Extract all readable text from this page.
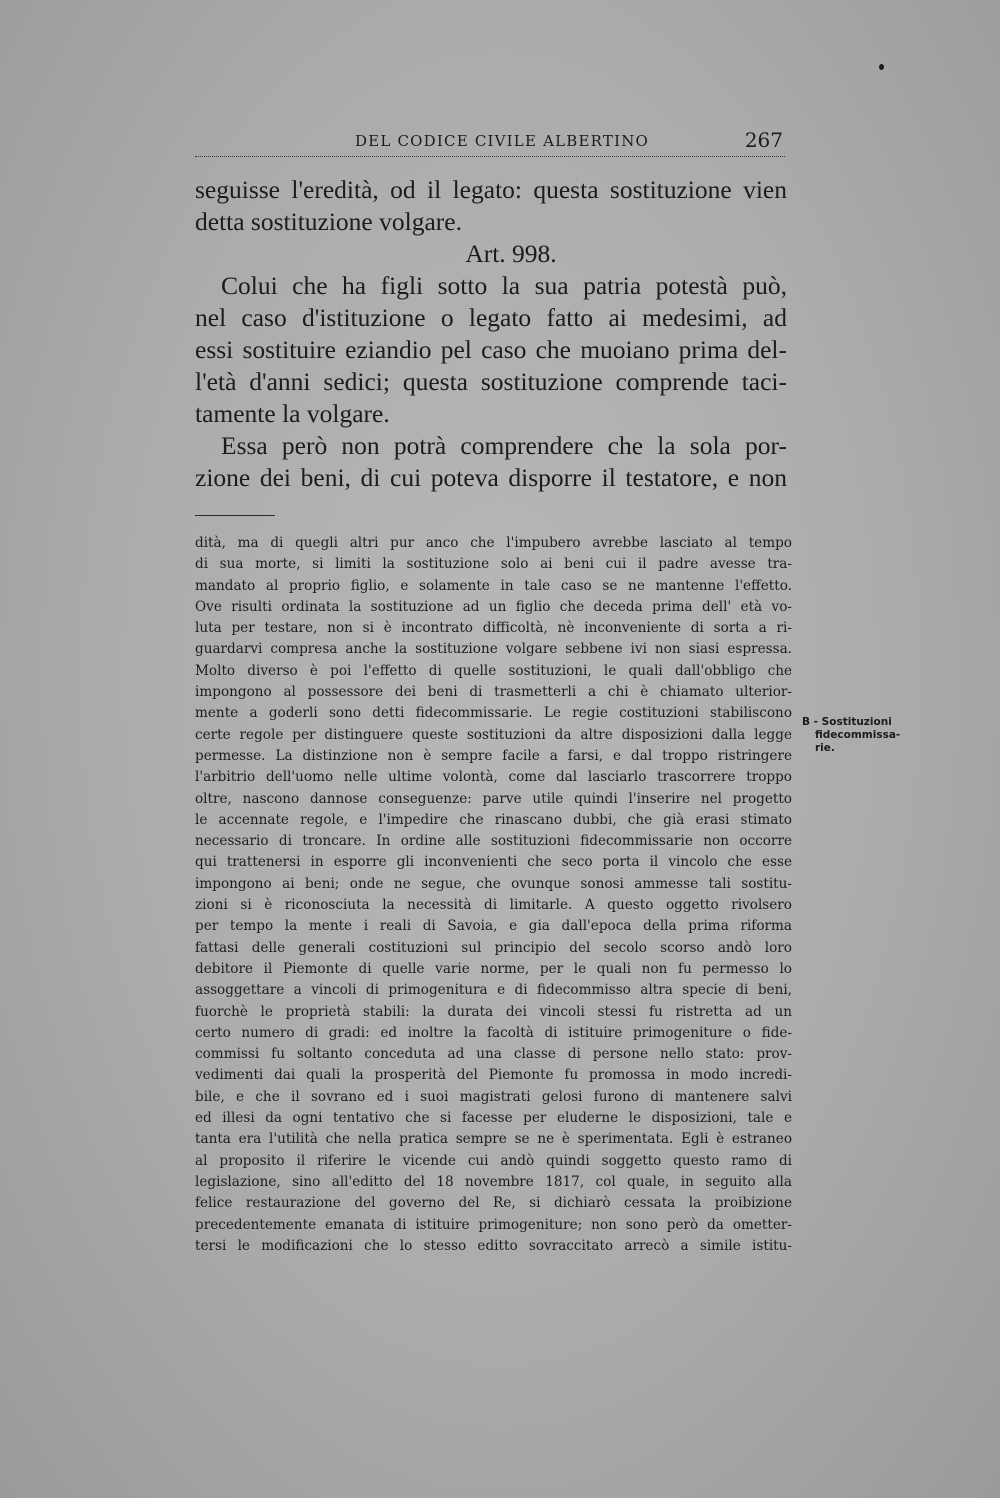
DEL CODICE CIVILE ALBERTINO	267

seguisse l'eredità, od il legato: questa sostituzione vien

detta sostituzione volgare.

Art. 998.

Colui che ha figli sotto la sua patria potestà può,

nel caso d'istituzione o legato fatto ai medesimi, ad

essi sostituire eziandio pel caso che muoiano prima del-

l'età d'anni sedici; questa sostituzione comprende taci-

tamente la volgare.

Essa però non potrà comprendere che la sola por-

zione dei beni, di cui poteva disporre il testatore, e non

dità, ma di quegli altri pur anco che l'impubero avrebbe lasciato al tempo
di sua morte, si limiti la sostituzione solo ai beni cui il padre avesse tra-
mandato al proprio figlio, e solamente in tale caso se ne mantenne l'effetto.
Ove risulti ordinata la sostituzione ad un figlio che deceda prima dell' età vo-
luta per testare, non si è incontrato difficoltà, nè inconveniente di sorta a ri-
guardarvi compresa anche la sostituzione volgare sebbene ivi non siasi espressa.
Molto diverso è poi l'effetto di quelle sostituzioni, le quali dall'obbligo che
impongono al possessore dei beni di trasmetterli a chi è chiamato ulterior-
mente a goderli sono detti fidecommissarie. Le regie costituzioni stabiliscono
certe regole per distinguere queste sostituzioni da altre disposizioni dalla legge
permesse. La distinzione non è sempre facile a farsi, e dal troppo ristringere
l'arbitrio dell'uomo nelle ultime volontà, come dal lasciarlo trascorrere troppo
oltre, nascono dannose conseguenze: parve utile quindi l'inserire nel progetto
le accennate regole, e l'impedire che rinascano dubbi, che già erasi stimato
necessario di troncare. In ordine alle sostituzioni fidecommissarie non occorre
qui trattenersi in esporre gli inconvenienti che seco porta il vincolo che esse
impongono ai beni; onde ne segue, che ovunque sonosi ammesse tali sostitu-
zioni si è riconosciuta la necessità di limitarle. A questo oggetto rivolsero
per tempo la mente i reali di Savoia, e gia dall'epoca della prima riforma
fattasi delle generali costituzioni sul principio del secolo scorso andò loro
debitore il Piemonte di quelle varie norme, per le quali non fu permesso lo
assoggettare a vincoli di primogenitura e di fidecommisso altra specie di beni,
fuorchè le proprietà stabili: la durata dei vincoli stessi fu ristretta ad un
certo numero di gradi: ed inoltre la facoltà di istituire primogeniture o fide-
commissi fu soltanto conceduta ad una classe di persone nello stato: prov-
vedimenti dai quali la prosperità del Piemonte fu promossa in modo incredi-
bile, e che il sovrano ed i suoi magistrati gelosi furono di mantenere salvi
ed illesi da ogni tentativo che si facesse per eluderne le disposizioni, tale e
tanta era l'utilità che nella pratica sempre se ne è sperimentata. Egli è estraneo
al proposito il riferire le vicende cui andò quindi soggetto questo ramo di
legislazione, sino all'editto del 18 novembre 1817, col quale, in seguito alla
felice restaurazione del governo del Re, si dichiarò cessata la proibizione
precedentemente emanata di istituire primogeniture; non sono però da ometter-
tersi le modificazioni che lo stesso editto sovraccitato arrecò a simile istitu-
B - Sostituzioni
fidecommissa-
rie.
